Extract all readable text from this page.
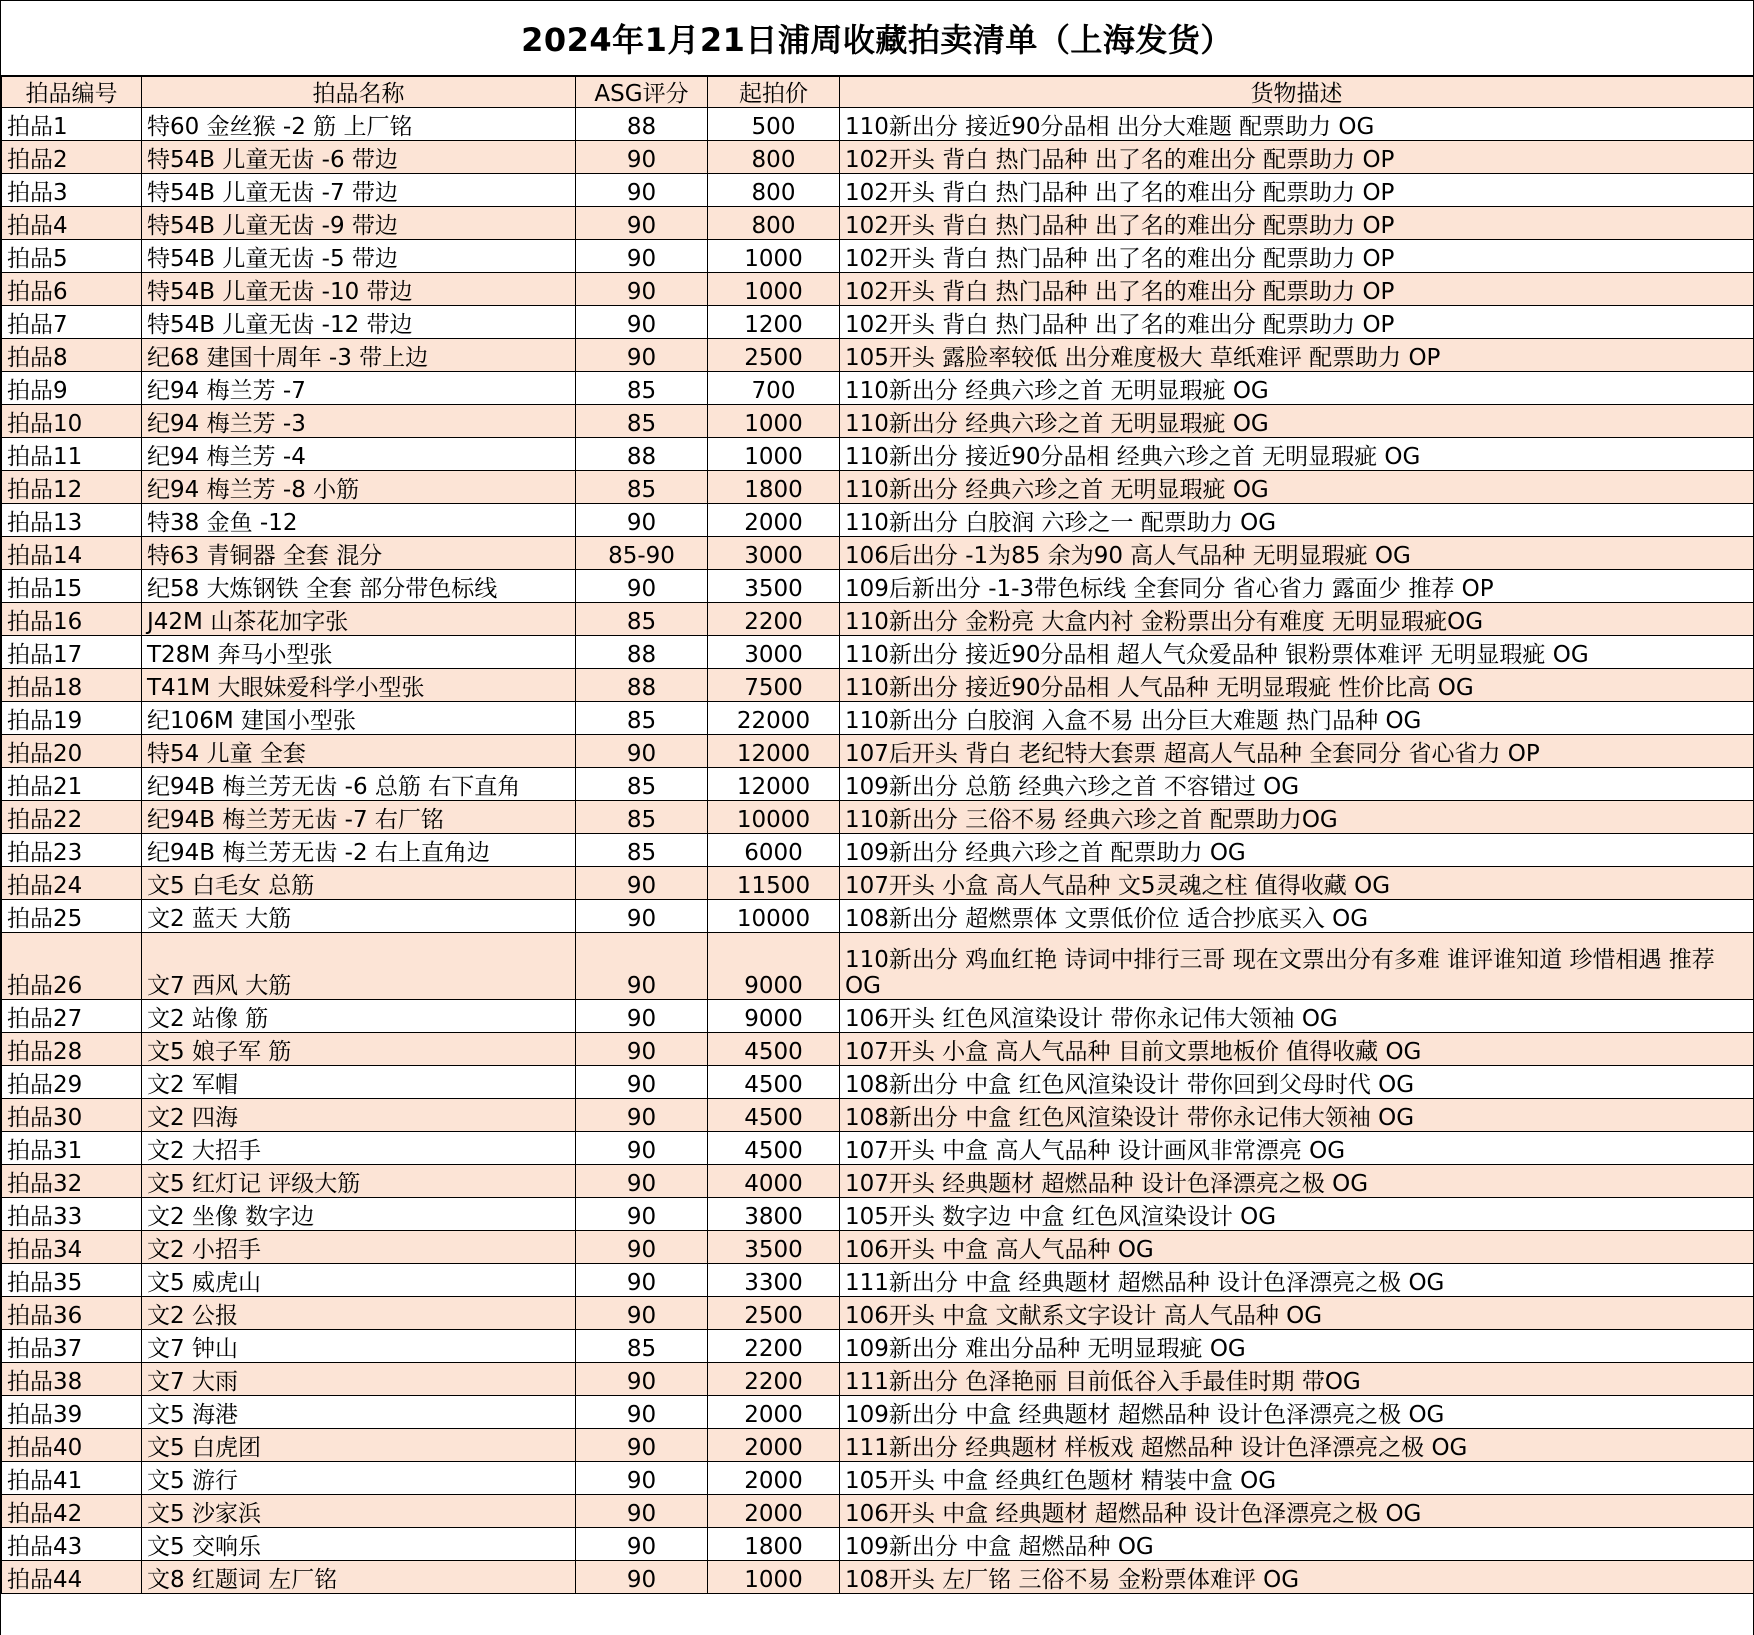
2024年1月21日浦周收藏拍卖清单（上海发货）
拍品编号	拍品名称	ASG评分	起拍价	货物描述
拍品1	特60 金丝猴 -2 筋 上厂铭	88	500	110新出分 接近90分品相 出分大难题 配票助力 OG
拍品2	特54B 儿童无齿 -6 带边	90	800	102开头 背白 热门品种 出了名的难出分 配票助力 OP
拍品3	特54B 儿童无齿 -7 带边	90	800	102开头 背白 热门品种 出了名的难出分 配票助力 OP
拍品4	特54B 儿童无齿 -9 带边	90	800	102开头 背白 热门品种 出了名的难出分 配票助力 OP
拍品5	特54B 儿童无齿 -5 带边	90	1000	102开头 背白 热门品种 出了名的难出分 配票助力 OP
拍品6	特54B 儿童无齿 -10 带边	90	1000	102开头 背白 热门品种 出了名的难出分 配票助力 OP
拍品7	特54B 儿童无齿 -12 带边	90	1200	102开头 背白 热门品种 出了名的难出分 配票助力 OP
拍品8	纪68 建国十周年 -3 带上边	90	2500	105开头 露脸率较低 出分难度极大 草纸难评 配票助力 OP
拍品9	纪94 梅兰芳 -7	85	700	110新出分 经典六珍之首 无明显瑕疵 OG
拍品10	纪94 梅兰芳 -3	85	1000	110新出分 经典六珍之首 无明显瑕疵 OG
拍品11	纪94 梅兰芳 -4	88	1000	110新出分 接近90分品相 经典六珍之首 无明显瑕疵 OG
拍品12	纪94 梅兰芳 -8 小筋	85	1800	110新出分 经典六珍之首 无明显瑕疵 OG
拍品13	特38 金鱼 -12	90	2000	110新出分 白胶润 六珍之一 配票助力 OG
拍品14	特63 青铜器 全套 混分	85-90	3000	106后出分 -1为85 余为90 高人气品种 无明显瑕疵 OG
拍品15	纪58 大炼钢铁 全套 部分带色标线	90	3500	109后新出分 -1-3带色标线 全套同分 省心省力 露面少 推荐 OP
拍品16	J42M 山茶花加字张	85	2200	110新出分 金粉亮 大盒内衬 金粉票出分有难度 无明显瑕疵OG
拍品17	T28M 奔马小型张	88	3000	110新出分 接近90分品相 超人气众爱品种 银粉票体难评 无明显瑕疵 OG
拍品18	T41M 大眼妹爱科学小型张	88	7500	110新出分 接近90分品相 人气品种 无明显瑕疵 性价比高 OG
拍品19	纪106M 建国小型张	85	22000	110新出分 白胶润 入盒不易 出分巨大难题 热门品种 OG
拍品20	特54 儿童 全套	90	12000	107后开头 背白 老纪特大套票 超高人气品种 全套同分 省心省力 OP
拍品21	纪94B 梅兰芳无齿 -6 总筋 右下直角	85	12000	109新出分 总筋 经典六珍之首 不容错过 OG
拍品22	纪94B 梅兰芳无齿 -7 右厂铭	85	10000	110新出分 三俗不易 经典六珍之首 配票助力OG
拍品23	纪94B 梅兰芳无齿 -2 右上直角边	85	6000	109新出分 经典六珍之首 配票助力 OG
拍品24	文5 白毛女 总筋	90	11500	107开头 小盒 高人气品种 文5灵魂之柱 值得收藏 OG
拍品25	文2 蓝天 大筋	90	10000	108新出分 超燃票体 文票低价位 适合抄底买入 OG
拍品26	文7 西风 大筋	90	9000	110新出分 鸡血红艳 诗词中排行三哥 现在文票出分有多难 谁评谁知道 珍惜相遇 推荐 OG
拍品27	文2 站像 筋	90	9000	106开头 红色风渲染设计 带你永记伟大领袖 OG
拍品28	文5 娘子军 筋	90	4500	107开头 小盒 高人气品种 目前文票地板价 值得收藏 OG
拍品29	文2 军帽	90	4500	108新出分 中盒 红色风渲染设计 带你回到父母时代 OG
拍品30	文2 四海	90	4500	108新出分 中盒 红色风渲染设计 带你永记伟大领袖 OG
拍品31	文2 大招手	90	4500	107开头 中盒 高人气品种 设计画风非常漂亮 OG
拍品32	文5 红灯记 评级大筋	90	4000	107开头 经典题材 超燃品种 设计色泽漂亮之极 OG
拍品33	文2 坐像 数字边	90	3800	105开头 数字边 中盒 红色风渲染设计 OG
拍品34	文2 小招手	90	3500	106开头 中盒 高人气品种 OG
拍品35	文5 威虎山	90	3300	111新出分 中盒 经典题材 超燃品种 设计色泽漂亮之极 OG
拍品36	文2 公报	90	2500	106开头 中盒 文献系文字设计 高人气品种 OG
拍品37	文7 钟山	85	2200	109新出分 难出分品种 无明显瑕疵 OG
拍品38	文7 大雨	90	2200	111新出分 色泽艳丽 目前低谷入手最佳时期 带OG
拍品39	文5 海港	90	2000	109新出分 中盒 经典题材 超燃品种 设计色泽漂亮之极 OG
拍品40	文5 白虎团	90	2000	111新出分 经典题材 样板戏 超燃品种 设计色泽漂亮之极 OG
拍品41	文5 游行	90	2000	105开头 中盒 经典红色题材 精装中盒 OG
拍品42	文5 沙家浜	90	2000	106开头 中盒 经典题材 超燃品种 设计色泽漂亮之极 OG
拍品43	文5 交响乐	90	1800	109新出分 中盒 超燃品种 OG
拍品44	文8 红题词 左厂铭	90	1000	108开头 左厂铭 三俗不易 金粉票体难评 OG
